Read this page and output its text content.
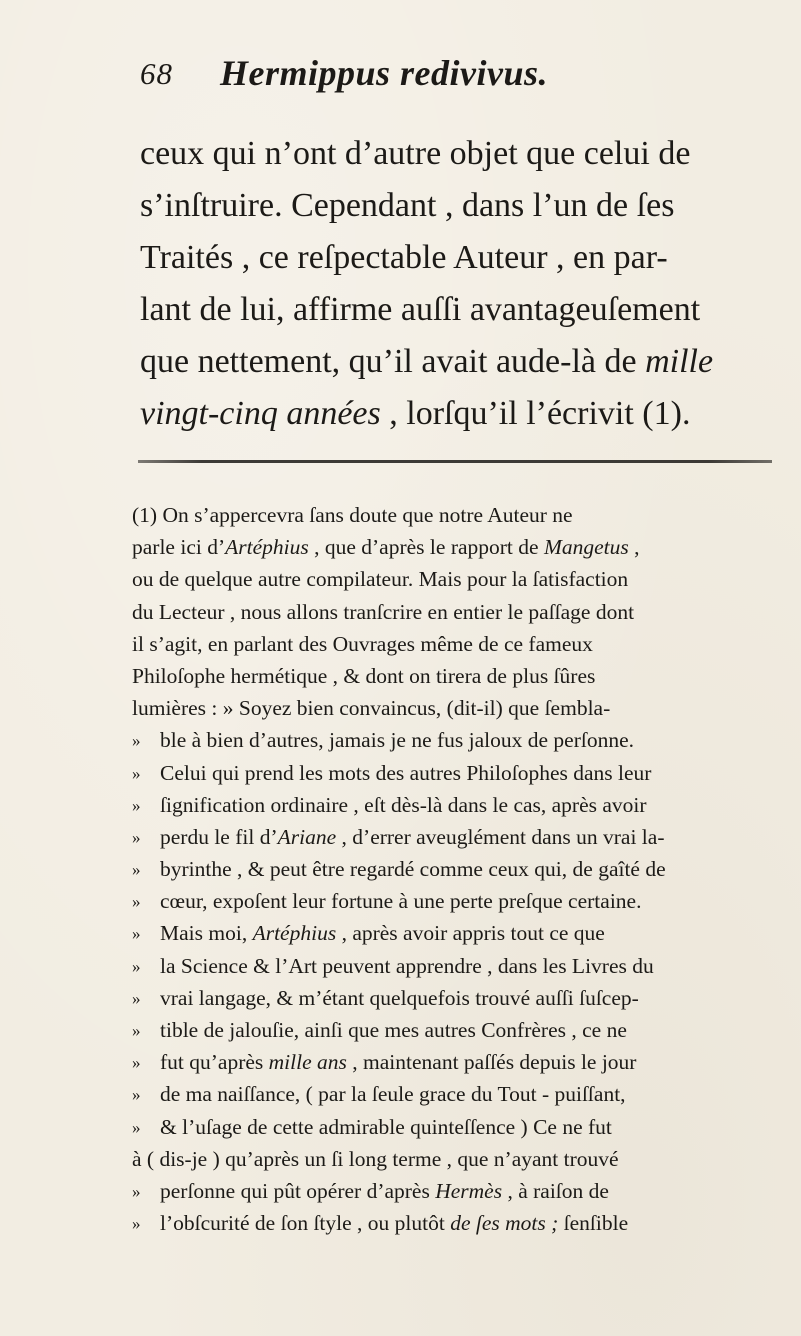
68 Hermippus redivivus.
ceux qui n’ont d’autre objet que celui de
s’inſtruire. Cependant , dans l’un de ſes
Traités , ce reſpectable Auteur , en par-
lant de lui, affirme auſſi avantageuſement
que nettement, qu’il avait aude-là de mille
vingt-cinq années , lorſqu’il l’écrivit (1).
(1) On s’appercevra ſans doute que notre Auteur ne
parle ici d’Artéphius , que d’après le rapport de Mangetus ,
ou de quelque autre compilateur. Mais pour la ſatisfaction
du Lecteur , nous allons tranſcrire en entier le paſſage dont
il s’agit, en parlant des Ouvrages même de ce fameux
Philoſophe hermétique , & dont on tirera de plus ſûres
lumières : » Soyez bien convaincus, (dit-il) que ſembla-
» ble à bien d’autres, jamais je ne fus jaloux de perſonne.
» Celui qui prend les mots des autres Philoſophes dans leur
» ſignification ordinaire , eſt dès-là dans le cas, après avoir
» perdu le fil d’Ariane , d’errer aveuglément dans un vrai la-
» byrinthe , & peut être regardé comme ceux qui, de gaîté de
» cœur, expoſent leur fortune à une perte preſque certaine.
» Mais moi, Artéphius , après avoir appris tout ce que
» la Science & l’Art peuvent apprendre , dans les Livres du
» vrai langage, & m’étant quelquefois trouvé auſſi ſuſcep-
» tible de jalouſie, ainſi que mes autres Confrères , ce ne
» fut qu’après mille ans , maintenant paſſés depuis le jour
» de ma naiſſance, ( par la ſeule grace du Tout - puiſſant,
» & l’uſage de cette admirable quinteſſence ) Ce ne fut
à ( dis-je ) qu’après un ſi long terme , que n’ayant trouvé
» perſonne qui pût opérer d’après Hermès , à raiſon de
» l’obſcurité de ſon ſtyle , ou plutôt de ſes mots ; ſenſible
